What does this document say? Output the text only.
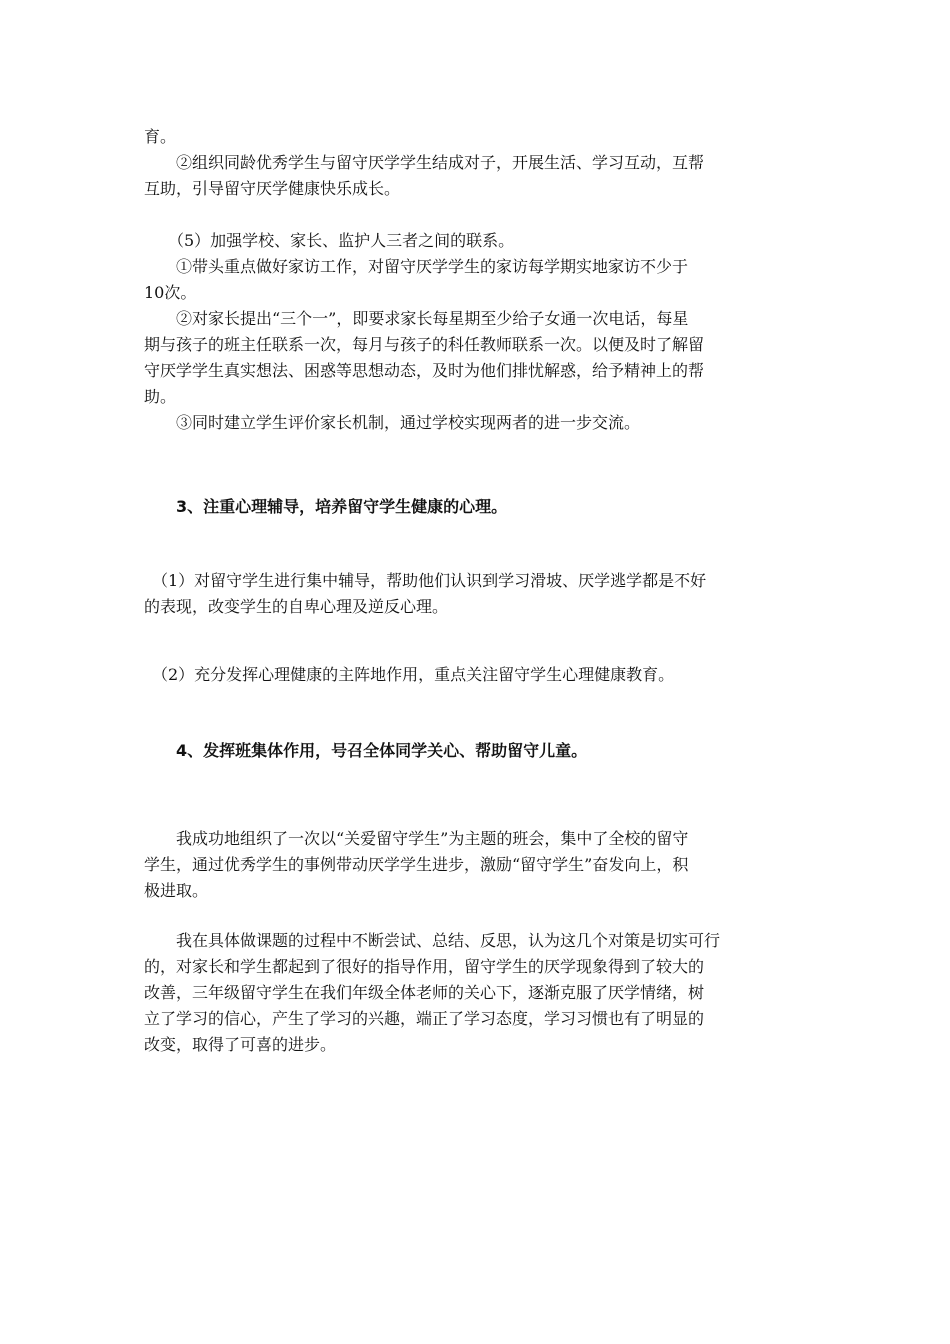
育。

　　②组织同龄优秀学生与留守厌学学生结成对子，开展生活、学习互动，互帮
互助，引导留守厌学健康快乐成长。

　　（5）加强学校、家长、监护人三者之间的联系。
　　①带头重点做好家访工作，对留守厌学学生的家访每学期实地家访不少于
10次。
　　②对家长提出“三个一”，即要求家长每星期至少给子女通一次电话，每星
期与孩子的班主任联系一次，每月与孩子的科任教师联系一次。以便及时了解留
守厌学学生真实想法、困惑等思想动态，及时为他们排忧解惑，给予精神上的帮
助。
　　③同时建立学生评价家长机制，通过学校实现两者的进一步交流。

3、注重心理辅导，培养留守学生健康的心理。

　（1）对留守学生进行集中辅导，帮助他们认识到学习滑坡、厌学逃学都是不好
的表现，改变学生的自卑心理及逆反心理。

　（2）充分发挥心理健康的主阵地作用，重点关注留守学生心理健康教育。

4、发挥班集体作用，号召全体同学关心、帮助留守儿童。

　　我成功地组织了一次以“关爱留守学生”为主题的班会，集中了全校的留守
学生，通过优秀学生的事例带动厌学学生进步，激励“留守学生”奋发向上，积
极进取。

　　我在具体做课题的过程中不断尝试、总结、反思，认为这几个对策是切实可行
的，对家长和学生都起到了很好的指导作用，留守学生的厌学现象得到了较大的
改善，三年级留守学生在我们年级全体老师的关心下，逐渐克服了厌学情绪，树
立了学习的信心，产生了学习的兴趣，端正了学习态度，学习习惯也有了明显的
改变，取得了可喜的进步。
